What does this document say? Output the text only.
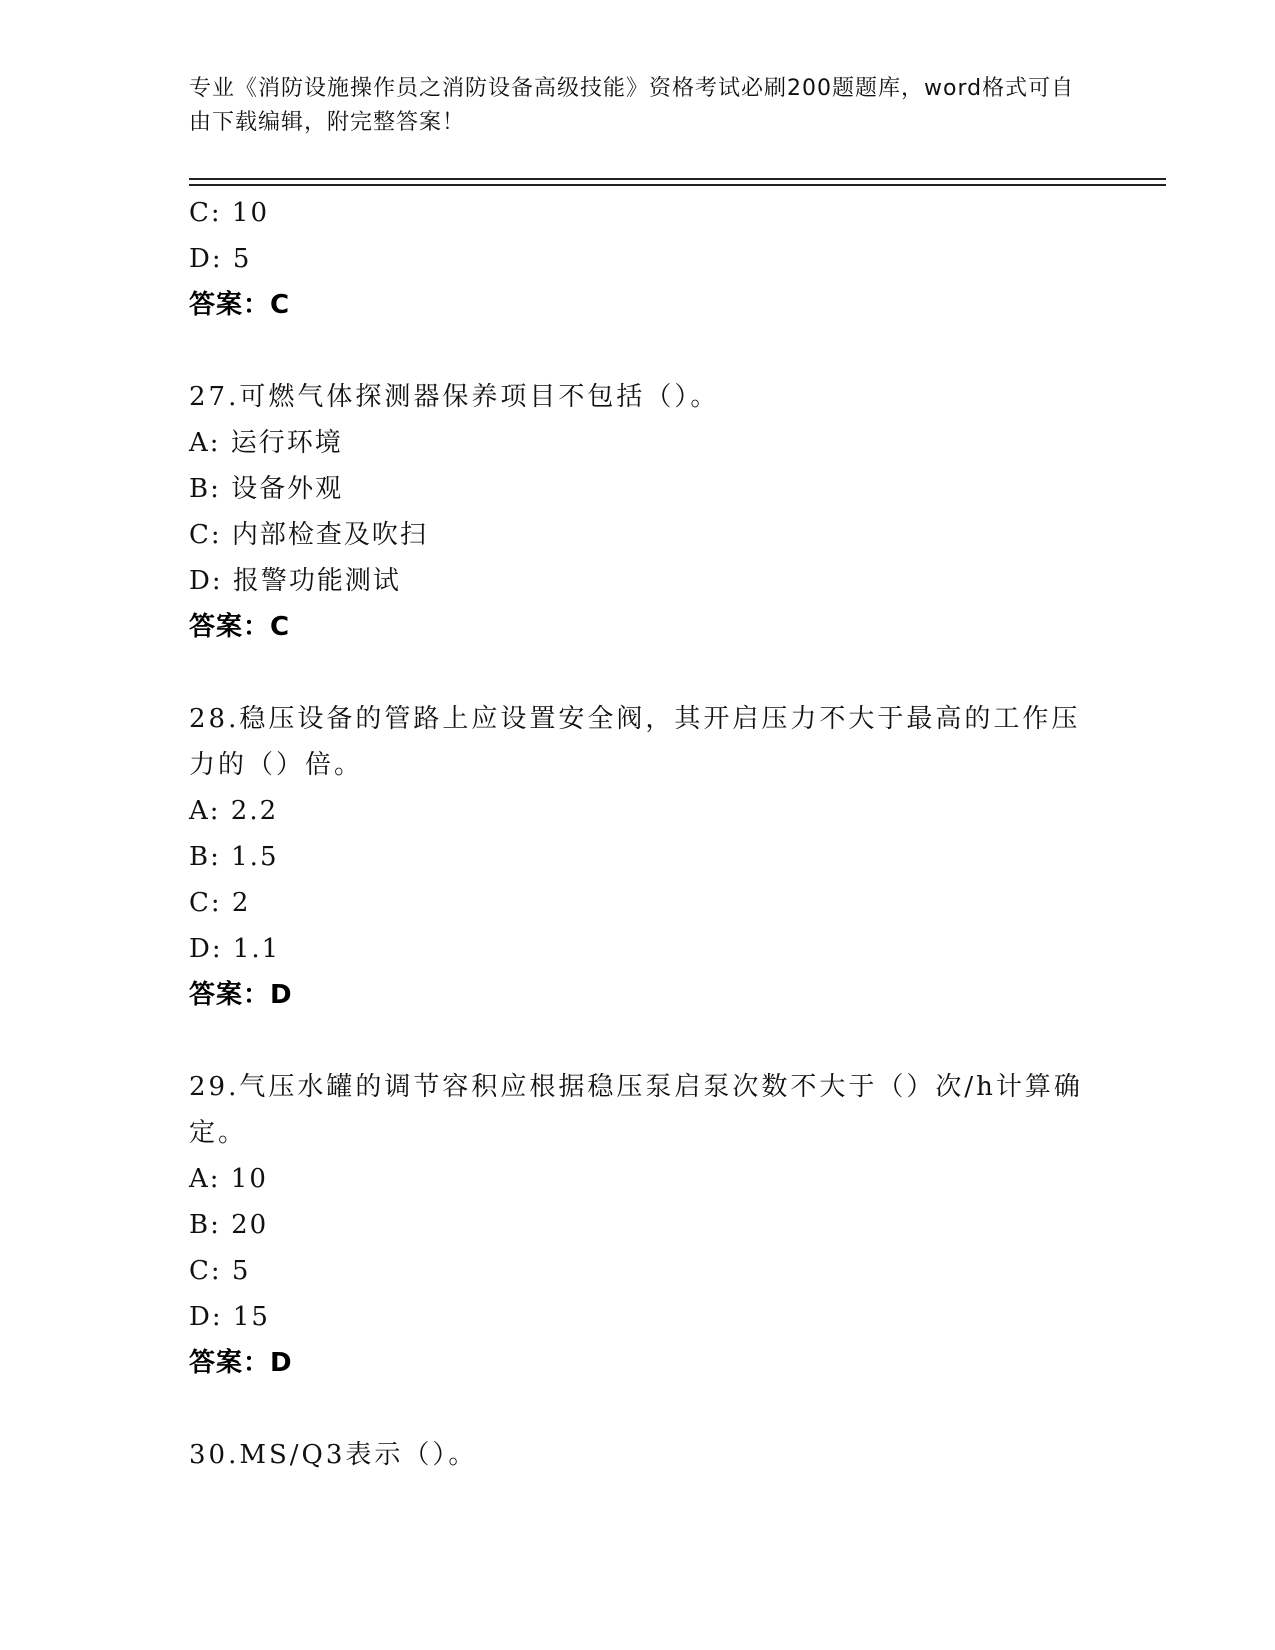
专业《消防设施操作员之消防设备高级技能》资格考试必刷200题题库，word格式可自由下载编辑，附完整答案！
C: 10
D: 5
答案：C
27.可燃气体探测器保养项目不包括（）。
A: 运行环境
B: 设备外观
C: 内部检查及吹扫
D: 报警功能测试
答案：C
28.稳压设备的管路上应设置安全阀，其开启压力不大于最高的工作压力的（）倍。
A: 2.2
B: 1.5
C: 2
D: 1.1
答案：D
29.气压水罐的调节容积应根据稳压泵启泵次数不大于（）次/h计算确定。
A: 10
B: 20
C: 5
D: 15
答案：D
30.MS/Q3表示（）。
